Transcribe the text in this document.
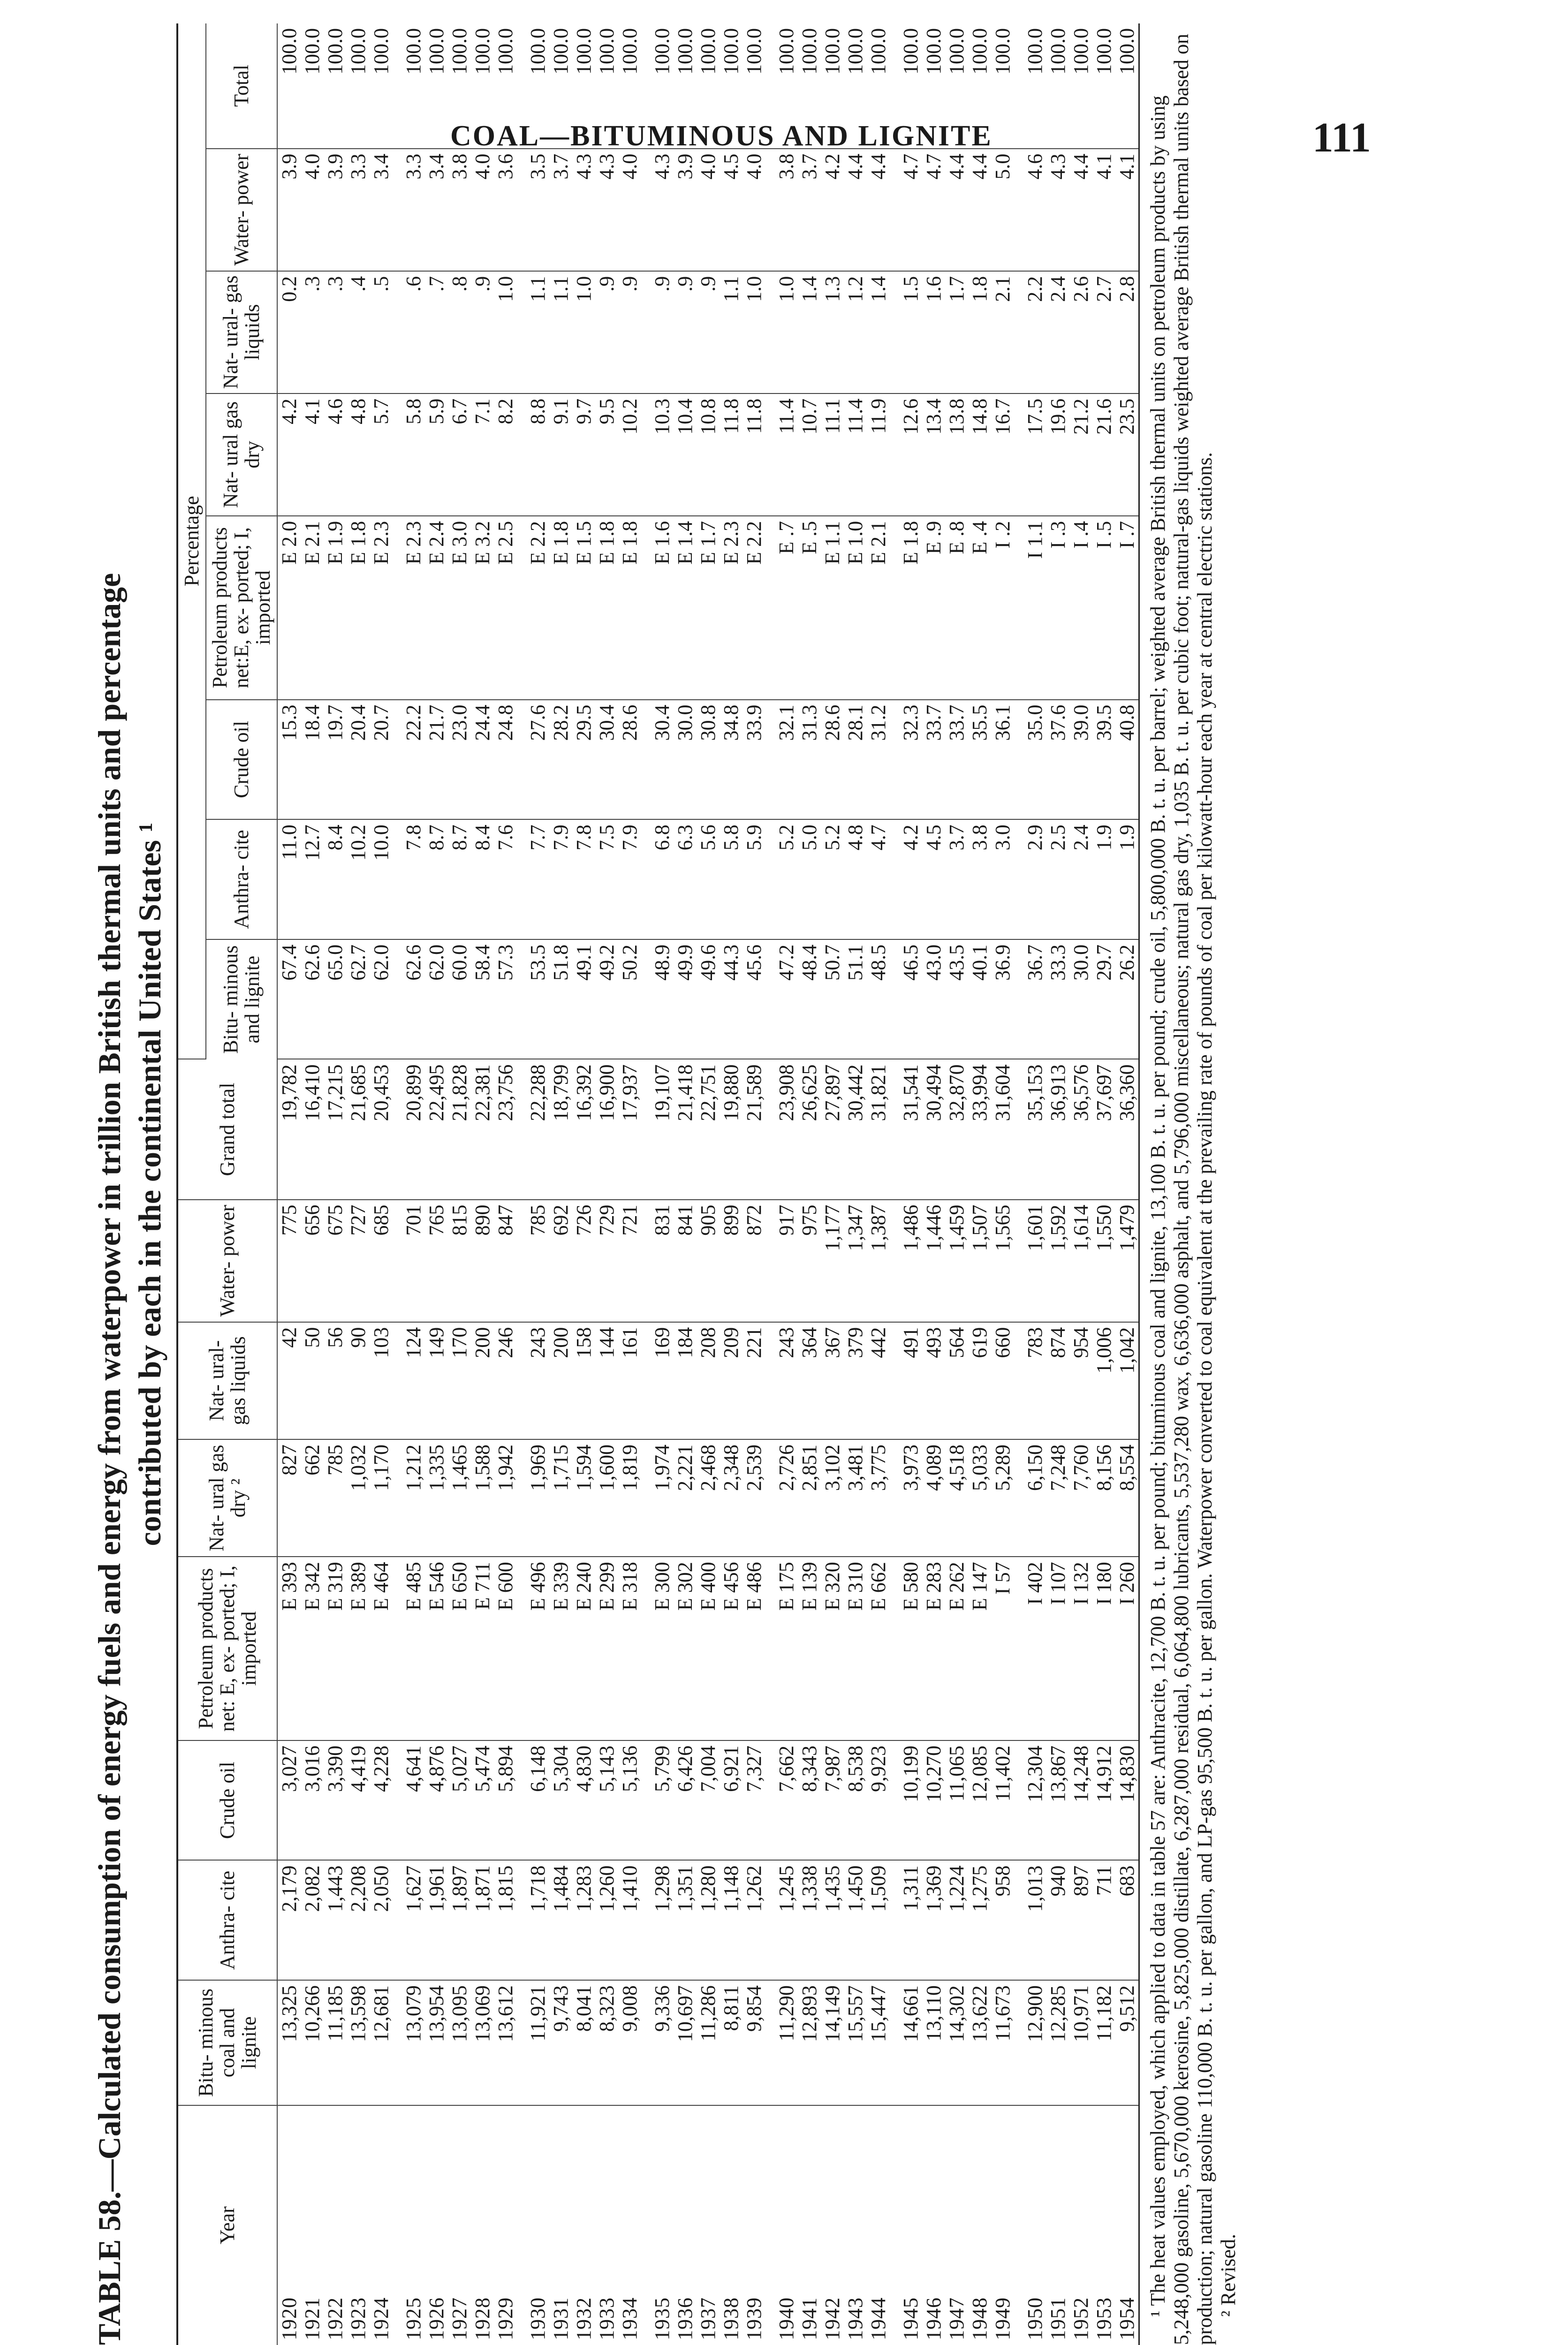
COAL—BITUMINOUS AND LIGNITE	111
TABLE 58.—Calculated consumption of energy fuels and energy from waterpower in trillion British thermal units and percentage contributed by each in the continental United States ¹
Year	Bitu- minous coal and lignite	Anthra- cite	Crude oil	Petroleum products net: E, ex- ported; I, imported	Nat- ural gas dry ²	Nat- ural- gas liquids	Water- power	Grand total	Percentage							
									Bitu- minous and lignite	Anthra- cite	Crude oil	Petroleum products net:E, ex- ported; I, imported	Nat- ural gas dry	Nat- ural- gas liquids	Water- power	Total
1920	13,325	2,179	3,027	E 393	827	42	775	19,782	67.4	11.0	15.3	E 2.0	4.2	0.2	3.9	100.0
1921	10,266	2,082	3,016	E 342	662	50	656	16,410	62.6	12.7	18.4	E 2.1	4.1	.3	4.0	100.0
1922	11,185	1,443	3,390	E 319	785	56	675	17,215	65.0	8.4	19.7	E 1.9	4.6	.3	3.9	100.0
1923	13,598	2,208	4,419	E 389	1,032	90	727	21,685	62.7	10.2	20.4	E 1.8	4.8	.4	3.3	100.0
1924	12,681	2,050	4,228	E 464	1,170	103	685	20,453	62.0	10.0	20.7	E 2.3	5.7	.5	3.4	100.0
1925	13,079	1,627	4,641	E 485	1,212	124	701	20,899	62.6	7.8	22.2	E 2.3	5.8	.6	3.3	100.0
1926	13,954	1,961	4,876	E 546	1,335	149	765	22,495	62.0	8.7	21.7	E 2.4	5.9	.7	3.4	100.0
1927	13,095	1,897	5,027	E 650	1,465	170	815	21,828	60.0	8.7	23.0	E 3.0	6.7	.8	3.8	100.0
1928	13,069	1,871	5,474	E 711	1,588	200	890	22,381	58.4	8.4	24.4	E 3.2	7.1	.9	4.0	100.0
1929	13,612	1,815	5,894	E 600	1,942	246	847	23,756	57.3	7.6	24.8	E 2.5	8.2	1.0	3.6	100.0
1930	11,921	1,718	6,148	E 496	1,969	243	785	22,288	53.5	7.7	27.6	E 2.2	8.8	1.1	3.5	100.0
1931	9,743	1,484	5,304	E 339	1,715	200	692	18,799	51.8	7.9	28.2	E 1.8	9.1	1.1	3.7	100.0
1932	8,041	1,283	4,830	E 240	1,594	158	726	16,392	49.1	7.8	29.5	E 1.5	9.7	1.0	4.3	100.0
1933	8,323	1,260	5,143	E 299	1,600	144	729	16,900	49.2	7.5	30.4	E 1.8	9.5	.9	4.3	100.0
1934	9,008	1,410	5,136	E 318	1,819	161	721	17,937	50.2	7.9	28.6	E 1.8	10.2	.9	4.0	100.0
1935	9,336	1,298	5,799	E 300	1,974	169	831	19,107	48.9	6.8	30.4	E 1.6	10.3	.9	4.3	100.0
1936	10,697	1,351	6,426	E 302	2,221	184	841	21,418	49.9	6.3	30.0	E 1.4	10.4	.9	3.9	100.0
1937	11,286	1,280	7,004	E 400	2,468	208	905	22,751	49.6	5.6	30.8	E 1.7	10.8	.9	4.0	100.0
1938	8,811	1,148	6,921	E 456	2,348	209	899	19,880	44.3	5.8	34.8	E 2.3	11.8	1.1	4.5	100.0
1939	9,854	1,262	7,327	E 486	2,539	221	872	21,589	45.6	5.9	33.9	E 2.2	11.8	1.0	4.0	100.0
1940	11,290	1,245	7,662	E 175	2,726	243	917	23,908	47.2	5.2	32.1	E .7	11.4	1.0	3.8	100.0
1941	12,893	1,338	8,343	E 139	2,851	364	975	26,625	48.4	5.0	31.3	E .5	10.7	1.4	3.7	100.0
1942	14,149	1,435	7,987	E 320	3,102	367	1,177	27,897	50.7	5.2	28.6	E 1.1	11.1	1.3	4.2	100.0
1943	15,557	1,450	8,538	E 310	3,481	379	1,347	30,442	51.1	4.8	28.1	E 1.0	11.4	1.2	4.4	100.0
1944	15,447	1,509	9,923	E 662	3,775	442	1,387	31,821	48.5	4.7	31.2	E 2.1	11.9	1.4	4.4	100.0
1945	14,661	1,311	10,199	E 580	3,973	491	1,486	31,541	46.5	4.2	32.3	E 1.8	12.6	1.5	4.7	100.0
1946	13,110	1,369	10,270	E 283	4,089	493	1,446	30,494	43.0	4.5	33.7	E .9	13.4	1.6	4.7	100.0
1947	14,302	1,224	11,065	E 262	4,518	564	1,459	32,870	43.5	3.7	33.7	E .8	13.8	1.7	4.4	100.0
1948	13,622	1,275	12,085	E 147	5,033	619	1,507	33,994	40.1	3.8	35.5	E .4	14.8	1.8	4.4	100.0
1949	11,673	958	11,402	I 57	5,289	660	1,565	31,604	36.9	3.0	36.1	I .2	16.7	2.1	5.0	100.0
1950	12,900	1,013	12,304	I 402	6,150	783	1,601	35,153	36.7	2.9	35.0	I 1.1	17.5	2.2	4.6	100.0
1951	12,285	940	13,867	I 107	7,248	874	1,592	36,913	33.3	2.5	37.6	I .3	19.6	2.4	4.3	100.0
1952	10,971	897	14,248	I 132	7,760	954	1,614	36,576	30.0	2.4	39.0	I .4	21.2	2.6	4.4	100.0
1953	11,182	711	14,912	I 180	8,156	1,006	1,550	37,697	29.7	1.9	39.5	I .5	21.6	2.7	4.1	100.0
1954	9,512	683	14,830	I 260	8,554	1,042	1,479	36,360	26.2	1.9	40.8	I .7	23.5	2.8	4.1	100.0

¹ The heat values employed, which applied to data in table 57 are: Anthracite, 12,700 B. t. u. per pound; bituminous coal and lignite, 13,100 B. t. u. per pound; crude oil, 5,800,000 B. t. u. per barrel; weighted average British thermal units on petroleum products by using 5,248,000 gasoline, 5,670,000 kerosine, 5,825,000 distillate, 6,287,000 residual, 6,064,800 lubricants, 5,537,280 wax, 6,636,000 asphalt, and 5,796,000 miscellaneous; natural gas dry, 1,035 B. t. u. per cubic foot; natural-gas liquids weighted average British thermal units based on production; natural gasoline 110,000 B. t. u. per gallon, and LP-gas 95,500 B. t. u. per gallon. Waterpower converted to coal equivalent at the prevailing rate of pounds of coal per kilowatt-hour each year at central electric stations. ² Revised.
